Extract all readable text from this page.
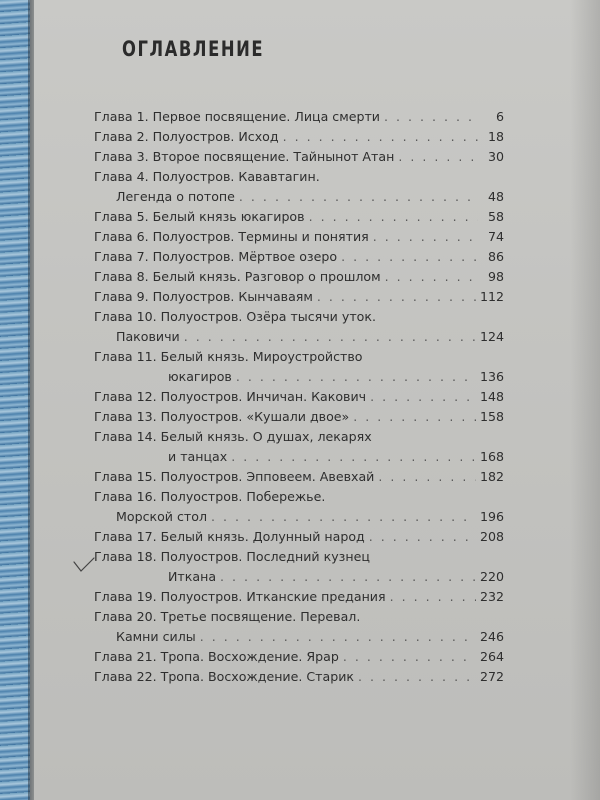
ОГЛАВЛЕНИЕ
Глава 1. Первое посвящение. Лица смерти . . .	6
Глава 2. Полуостров. Исход . . .	18
Глава 3. Второе посвящение. Тайнынот Атан . . .	30
Глава 4. Полуостров. Кававтагин.
Легенда о потопе . . .	48
Глава 5. Белый князь юкагиров . . .	58
Глава 6. Полуостров. Термины и понятия . . .	74
Глава 7. Полуостров. Мёртвое озеро . . .	86
Глава 8. Белый князь. Разговор о прошлом . . .	98
Глава 9. Полуостров. Кынчаваям . . .	112
Глава 10. Полуостров. Озёра тысячи уток.
Паковичи . . .	124
Глава 11. Белый князь. Мироустройство
юкагиров . . .	136
Глава 12. Полуостров. Инчичан. Какович . . .	148
Глава 13. Полуостров. «Кушали двое» . . .	158
Глава 14. Белый князь. О душах, лекарях
и танцах . . .	168
Глава 15. Полуостров. Эпповеем. Авевхай . . .	182
Глава 16. Полуостров. Побережье.
Морской стол . . .	196
Глава 17. Белый князь. Долунный народ . . .	208
Глава 18. Полуостров. Последний кузнец
Иткана . . .	220
Глава 19. Полуостров. Итканские предания . . .	232
Глава 20. Третье посвящение. Перевал.
Камни силы . . .	246
Глава 21. Тропа. Восхождение. Ярар . . .	264
Глава 22. Тропа. Восхождение. Старик . . .	272
